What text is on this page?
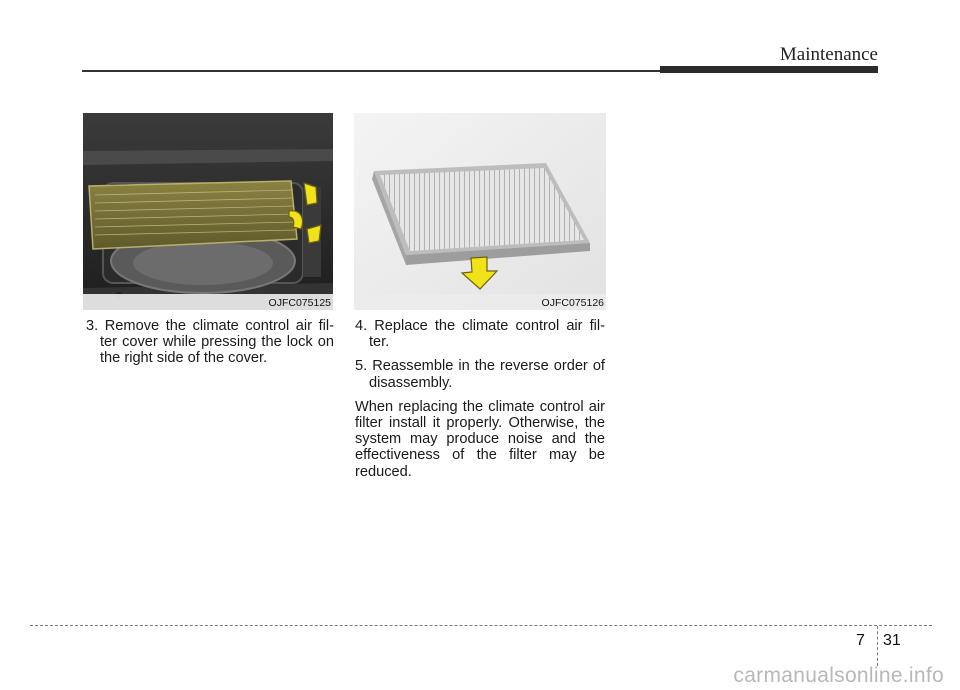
Maintenance
OJFC075125	OJFC075126

3. Remove the climate control air fil-ter cover while pressing the lock on the right side of the cover.

4. Replace the climate control air fil-ter.

5. Reassemble in the reverse order of disassembly.

When replacing the climate control air filter install it properly. Otherwise, the system may produce noise and the effectiveness of the filter may be reduced.

7 31
carmanualsonline.info
